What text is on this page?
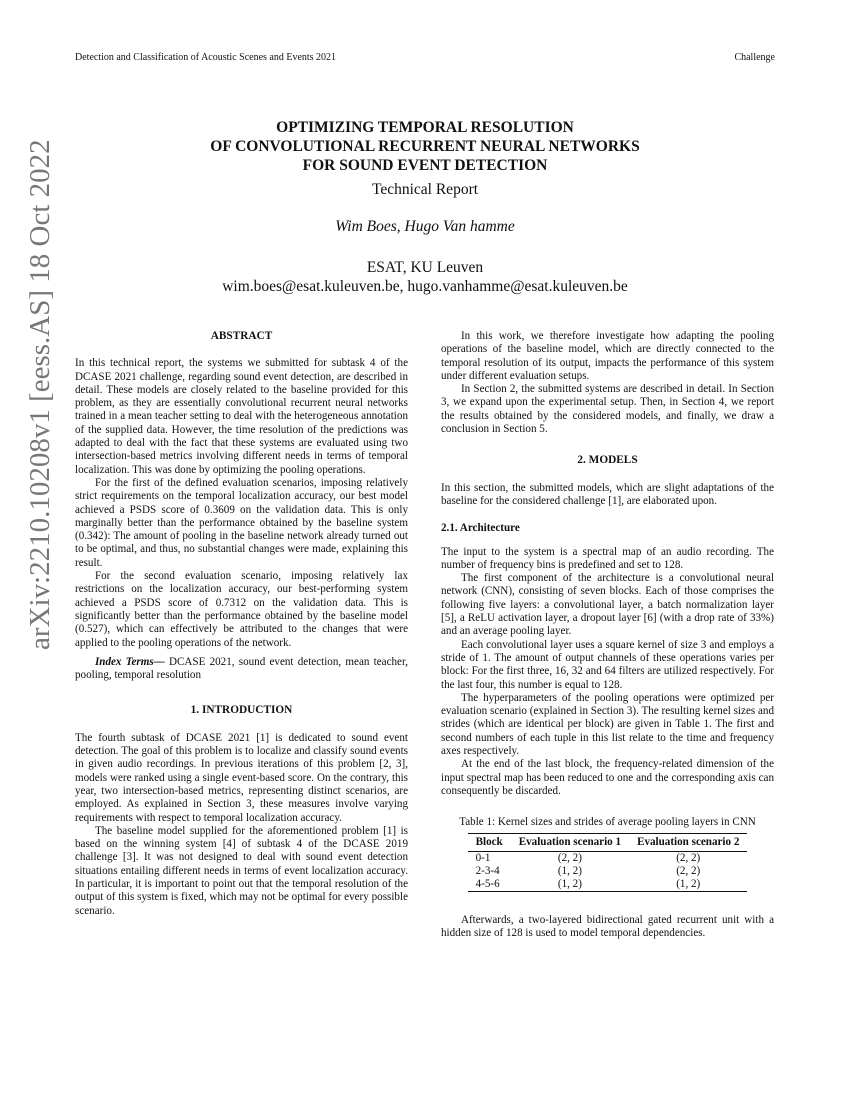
Detection and Classification of Acoustic Scenes and Events 2021	Challenge
arXiv:2210.10208v1 [eess.AS] 18 Oct 2022
OPTIMIZING TEMPORAL RESOLUTION
OF CONVOLUTIONAL RECURRENT NEURAL NETWORKS
FOR SOUND EVENT DETECTION
Technical Report
Wim Boes, Hugo Van hamme
ESAT, KU Leuven
wim.boes@esat.kuleuven.be, hugo.vanhamme@esat.kuleuven.be
ABSTRACT

In this technical report, the systems we submitted for subtask 4 of the DCASE 2021 challenge, regarding sound event detection, are described in detail. These models are closely related to the baseline provided for this problem, as they are essentially convolutional recurrent neural networks trained in a mean teacher setting to deal with the heterogeneous annotation of the supplied data. However, the time resolution of the predictions was adapted to deal with the fact that these systems are evaluated using two intersection-based metrics involving different needs in terms of temporal localization. This was done by optimizing the pooling operations.

For the first of the defined evaluation scenarios, imposing relatively strict requirements on the temporal localization accuracy, our best model achieved a PSDS score of 0.3609 on the validation data. This is only marginally better than the performance obtained by the baseline system (0.342): The amount of pooling in the baseline network already turned out to be optimal, and thus, no substantial changes were made, explaining this result.

For the second evaluation scenario, imposing relatively lax restrictions on the localization accuracy, our best-performing system achieved a PSDS score of 0.7312 on the validation data. This is significantly better than the performance obtained by the baseline model (0.527), which can effectively be attributed to the changes that were applied to the pooling operations of the network.

Index Terms— DCASE 2021, sound event detection, mean teacher, pooling, temporal resolution

1. INTRODUCTION

The fourth subtask of DCASE 2021 [1] is dedicated to sound event detection. The goal of this problem is to localize and classify sound events in given audio recordings. In previous iterations of this problem [2, 3], models were ranked using a single event-based score. On the contrary, this year, two intersection-based metrics, representing distinct scenarios, are employed. As explained in Section 3, these measures involve varying requirements with respect to temporal localization accuracy.

The baseline model supplied for the aforementioned problem [1] is based on the winning system [4] of subtask 4 of the DCASE 2019 challenge [3]. It was not designed to deal with sound event detection situations entailing different needs in terms of event localization accuracy. In particular, it is important to point out that the temporal resolution of the output of this system is fixed, which may not be optimal for every possible scenario.

In this work, we therefore investigate how adapting the pooling operations of the baseline model, which are directly connected to the temporal resolution of its output, impacts the performance of this system under different evaluation setups.

In Section 2, the submitted systems are described in detail. In Section 3, we expand upon the experimental setup. Then, in Section 4, we report the results obtained by the considered models, and finally, we draw a conclusion in Section 5.

2. MODELS

In this section, the submitted models, which are slight adaptations of the baseline for the considered challenge [1], are elaborated upon.

2.1. Architecture

The input to the system is a spectral map of an audio recording. The number of frequency bins is predefined and set to 128.

The first component of the architecture is a convolutional neural network (CNN), consisting of seven blocks. Each of those comprises the following five layers: a convolutional layer, a batch normalization layer [5], a ReLU activation layer, a dropout layer [6] (with a drop rate of 33%) and an average pooling layer.

Each convolutional layer uses a square kernel of size 3 and employs a stride of 1. The amount of output channels of these operations varies per block: For the first three, 16, 32 and 64 filters are utilized respectively. For the last four, this number is equal to 128.

The hyperparameters of the pooling operations were optimized per evaluation scenario (explained in Section 3). The resulting kernel sizes and strides (which are identical per block) are given in Table 1. The first and second numbers of each tuple in this list relate to the time and frequency axes respectively.

At the end of the last block, the frequency-related dimension of the input spectral map has been reduced to one and the corresponding axis can consequently be discarded.

Table 1: Kernel sizes and strides of average pooling layers in CNN
Block	Evaluation scenario 1	Evaluation scenario 2
0-1	(2, 2)	(2, 2)
2-3-4	(1, 2)	(2, 2)
4-5-6	(1, 2)	(1, 2)

Afterwards, a two-layered bidirectional gated recurrent unit with a hidden size of 128 is used to model temporal dependencies.
